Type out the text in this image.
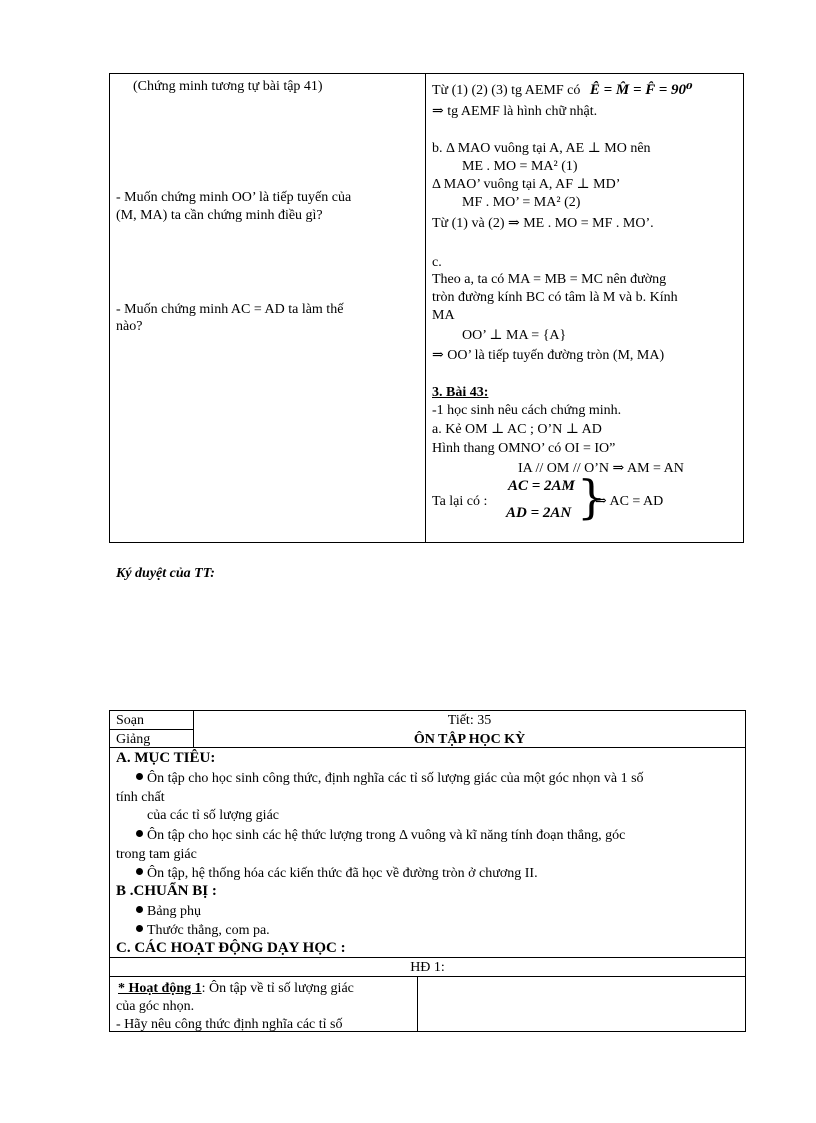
(Chứng minh tương tự bài tập 41)
- Muốn chứng minh OO’ là tiếp tuyến của
(M, MA) ta cần chứng minh điều gì?
- Muốn chứng minh AC = AD ta làm thế
nào?
Từ (1) (2) (3) tg AEMF có Ê = M̂ = F̂ = 90⁰
⇒ tg AEMF là hình chữ nhật.
b. Δ MAO vuông tại A, AE ⊥ MO nên
ME . MO = MA² (1)
Δ MAO’ vuông tại A, AF ⊥ MD’
MF . MO’ = MA² (2)
Từ (1) và (2) ⇒ ME . MO = MF . MO’.
c.
Theo a, ta có MA = MB = MC nên đường
tròn đường kính BC có tâm là M và b. Kính
MA
OO’ ⊥ MA = {A}
⇒ OO’ là tiếp tuyến đường tròn (M, MA)
3. Bài 43:
-1 học sinh nêu cách chứng minh.
a. Kẻ OM ⊥ AC ; O’N ⊥ AD
Hình thang OMNO’ có OI = IO”
IA // OM // O’N ⇒ AM = AN
Ta lại có :
AC = 2AM
AD = 2AN }
⇒ AC = AD
Ký duyệt của TT:
Soạn
Giảng
Tiết: 35
ÔN TẬP HỌC KỲ
A. MỤC TIÊU:
Ôn tập cho học sinh công thức, định nghĩa các tỉ số lượng giác của một góc nhọn và 1 số
tính chất
của các tỉ số lượng giác
Ôn tập cho học sinh các hệ thức lượng trong Δ vuông và kĩ năng tính đoạn thẳng, góc
trong tam giác
Ôn tập, hệ thống hóa các kiến thức đã học về đường tròn ở chương II.
B .CHUẨN BỊ :
Bảng phụ
Thước thẳng, com pa.
C. CÁC HOẠT ĐỘNG DẠY HỌC :
HĐ 1:
* Hoạt động 1: Ôn tập về tỉ số lượng giác
của góc nhọn.
- Hãy nêu công thức định nghĩa các tỉ số
